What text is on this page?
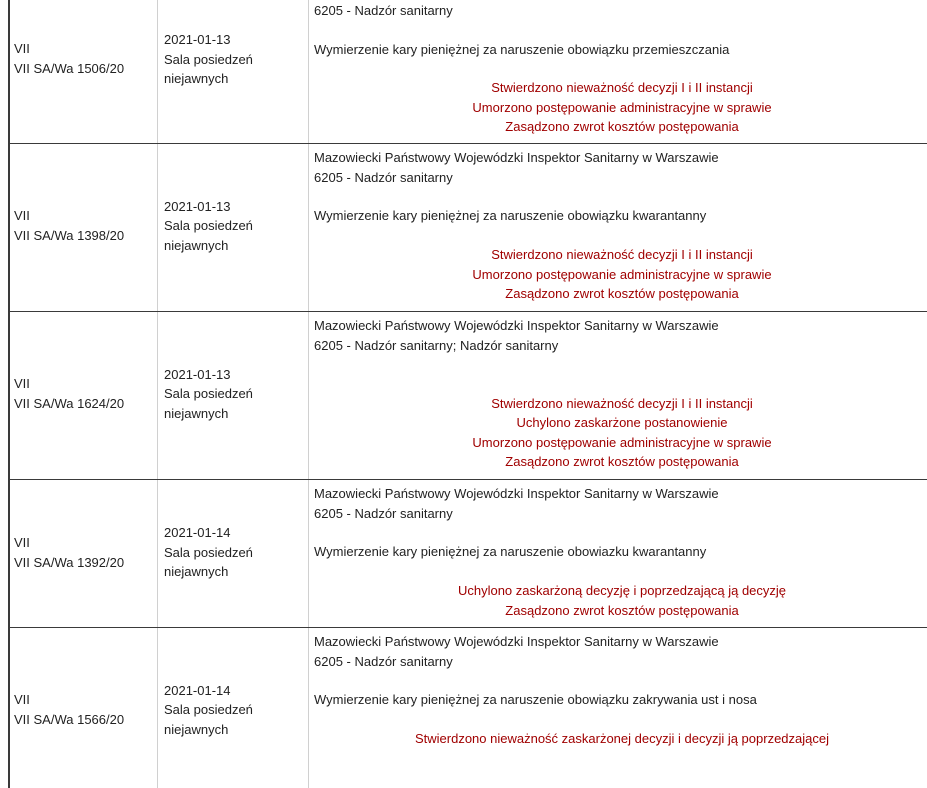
VII
VII SA/Wa 1506/20
2021-01-13
Sala posiedzeń
niejawnych
6205 - Nadzór sanitarny
Wymierzenie kary pieniężnej za naruszenie obowiązku przemieszczania
Stwierdzono nieważność decyzji I i II instancji
Umorzono postępowanie administracyjne w sprawie
Zasądzono zwrot kosztów postępowania
VII
VII SA/Wa 1398/20
2021-01-13
Sala posiedzeń
niejawnych
Mazowiecki Państwowy Wojewódzki Inspektor Sanitarny w Warszawie
6205 - Nadzór sanitarny
Wymierzenie kary pieniężnej za naruszenie obowiązku kwarantanny
Stwierdzono nieważność decyzji I i II instancji
Umorzono postępowanie administracyjne w sprawie
Zasądzono zwrot kosztów postępowania
VII
VII SA/Wa 1624/20
2021-01-13
Sala posiedzeń
niejawnych
Mazowiecki Państwowy Wojewódzki Inspektor Sanitarny w Warszawie
6205 - Nadzór sanitarny; Nadzór sanitarny
Stwierdzono nieważność decyzji I i II instancji
Uchylono zaskarżone postanowienie
Umorzono postępowanie administracyjne w sprawie
Zasądzono zwrot kosztów postępowania
VII
VII SA/Wa 1392/20
2021-01-14
Sala posiedzeń
niejawnych
Mazowiecki Państwowy Wojewódzki Inspektor Sanitarny w Warszawie
6205 - Nadzór sanitarny
Wymierzenie kary pieniężnej za naruszenie obowiazku kwarantanny
Uchylono zaskarżoną decyzję i poprzedzającą ją decyzję
Zasądzono zwrot kosztów postępowania
VII
VII SA/Wa 1566/20
2021-01-14
Sala posiedzeń
niejawnych
Mazowiecki Państwowy Wojewódzki Inspektor Sanitarny w Warszawie
6205 - Nadzór sanitarny
Wymierzenie kary pieniężnej za naruszenie obowiązku zakrywania ust i nosa
Stwierdzono nieważność zaskarżonej decyzji i decyzji ją poprzedzającej
